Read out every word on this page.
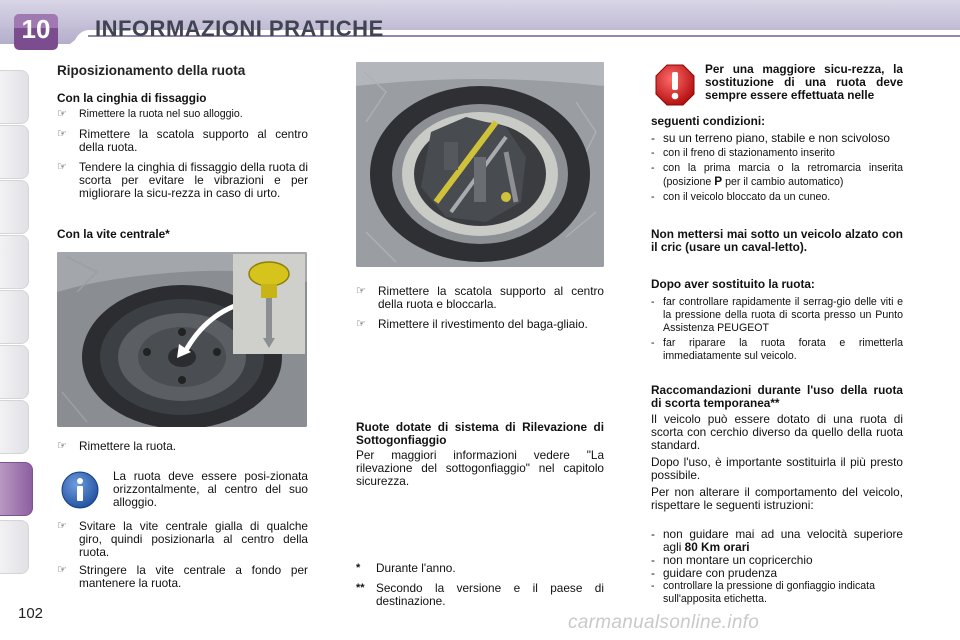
10	INFORMAZIONI PRATICHE
Riposizionamento della ruota
Con la cinghia di fissaggio
☞	Rimettere la ruota nel suo alloggio.
☞	Rimettere la scatola supporto al centro della ruota.
☞	Tendere la cinghia di fissaggio della ruota di scorta per evitare le vibrazioni e per migliorare la sicu-rezza in caso di urto.
Con la vite centrale*
☞	Rimettere la ruota.
La ruota deve essere posi-zionata orizzontalmente, al centro del suo alloggio.
☞	Svitare la vite centrale gialla di qualche giro, quindi posizionarla al centro della ruota.
☞	Stringere la vite centrale a fondo per mantenere la ruota.
102
☞	Rimettere la scatola supporto al centro della ruota e bloccarla.
☞	Rimettere il rivestimento del baga-gliaio.
Ruote dotate di sistema di Rilevazione di Sottogonfiaggio
Per maggiori informazioni vedere "La rilevazione del sottogonfiaggio" nel capitolo sicurezza.
*	Durante l'anno.
** Secondo la versione e il paese di destinazione.
Per una maggiore sicu-rezza, la sostituzione di una ruota deve sempre essere effettuata nelle
seguenti condizioni:
- su un terreno piano, stabile e non scivoloso
- con il freno di stazionamento inserito
- con la prima marcia o la retromarcia inserita (posizione P per il cambio automatico)
- con il veicolo bloccato da un cuneo.
Non mettersi mai sotto un veicolo alzato con il cric (usare un caval-letto).
Dopo aver sostituito la ruota:
- far controllare rapidamente il serrag-gio delle viti e la pressione della ruota di scorta presso un Punto Assistenza PEUGEOT
- far riparare la ruota forata e rimetterla immediatamente sul veicolo.
Raccomandazioni durante l'uso della ruota di scorta temporanea**
Il veicolo può essere dotato di una ruota di scorta con cerchio diverso da quello della ruota standard.
Dopo l'uso, è importante sostituirla il più presto possibile.
Per non alterare il comportamento del veicolo, rispettare le seguenti istruzioni:
- non guidare mai ad una velocità superiore agli 80 Km orari
- non montare un copricerchio
- guidare con prudenza
- controllare la pressione di gonfiaggio indicata sull'apposita etichetta.
carmanualsonline.info
